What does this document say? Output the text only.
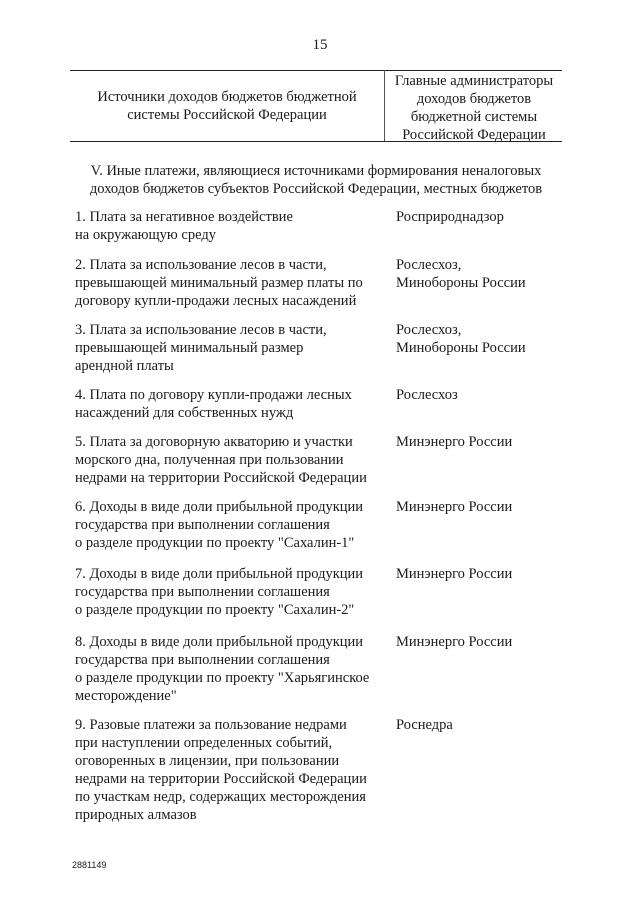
15
Источники доходов бюджетов бюджетной
системы Российской Федерации
Главные администраторы
доходов бюджетов
бюджетной системы
Российской Федерации
V. Иные платежи, являющиеся источниками формирования неналоговых
доходов бюджетов субъектов Российской Федерации, местных бюджетов
1. Плата за негативное воздействие
на окружающую среду
Росприроднадзор
2. Плата за использование лесов в части,
превышающей минимальный размер платы по
договору купли-продажи лесных насаждений
Рослесхоз,
Минобороны России
3. Плата за использование лесов в части,
превышающей минимальный размер
арендной платы
Рослесхоз,
Минобороны России
4. Плата по договору купли-продажи лесных
насаждений для собственных нужд
Рослесхоз
5. Плата за договорную акваторию и участки
морского дна, полученная при пользовании
недрами на территории Российской Федерации
Минэнерго России
6. Доходы в виде доли прибыльной продукции
государства при выполнении соглашения
о разделе продукции по проекту "Сахалин-1"
Минэнерго России
7. Доходы в виде доли прибыльной продукции
государства при выполнении соглашения
о разделе продукции по проекту "Сахалин-2"
Минэнерго России
8. Доходы в виде доли прибыльной продукции
государства при выполнении соглашения
о разделе продукции по проекту "Харьягинское
месторождение"
Минэнерго России
9. Разовые платежи за пользование недрами
при наступлении определенных событий,
оговоренных в лицензии, при пользовании
недрами на территории Российской Федерации
по участкам недр, содержащих месторождения
природных алмазов
Роснедра
2881149
